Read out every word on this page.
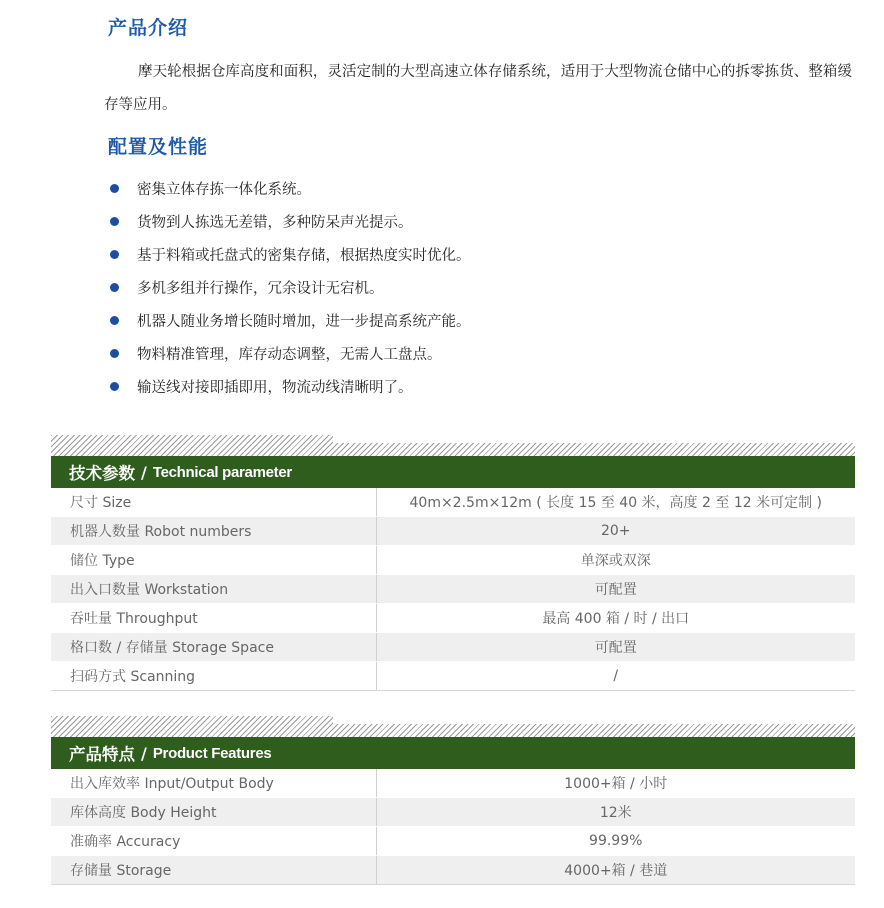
产品介绍

摩天轮根据仓库高度和面积，灵活定制的大型高速立体存储系统，适用于大型物流仓储中心的拆零拣货、整箱缓存等应用。

配置及性能
密集立体存拣一体化系统。
货物到人拣选无差错，多种防呆声光提示。
基于料箱或托盘式的密集存储，根据热度实时优化。
多机多组并行操作，冗余设计无宕机。
机器人随业务增长随时增加，进一步提高系统产能。
物料精准管理，库存动态调整，无需人工盘点。
输送线对接即插即用，物流动线清晰明了。
技术参数 / Technical parameter
尺寸 Size	40m×2.5m×12m ( 长度 15 至 40 米，高度 2 至 12 米可定制 )
机器人数量 Robot numbers	20+
储位 Type	单深或双深
出入口数量 Workstation	可配置
吞吐量 Throughput	最高 400 箱 / 时 / 出口
格口数 / 存储量 Storage Space	可配置
扫码方式 Scanning	/
产品特点 / Product Features
出入库效率 Input/Output Body	1000+箱 / 小时
库体高度 Body Height	12米
准确率 Accuracy	99.99%
存储量 Storage	4000+箱 / 巷道
